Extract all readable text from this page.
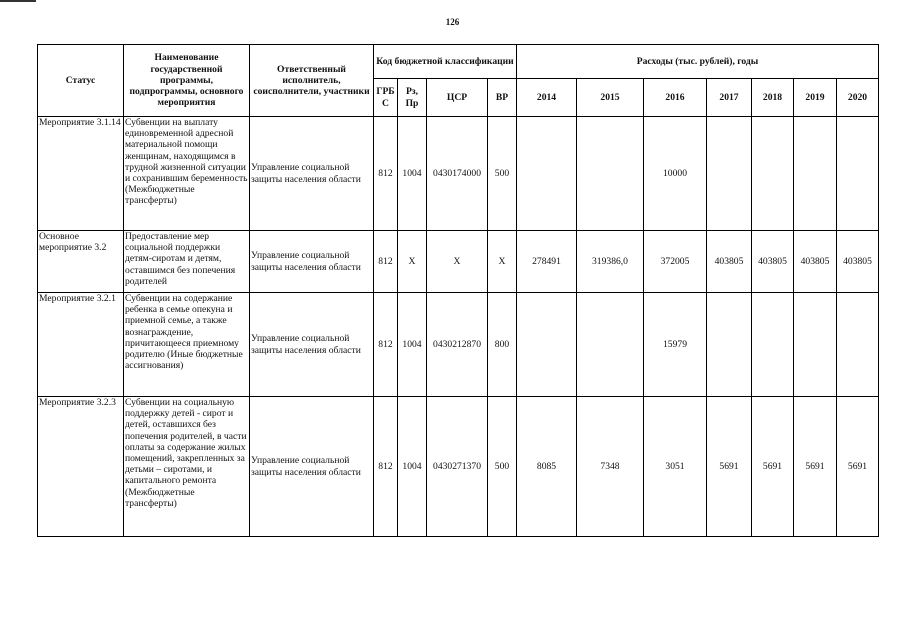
126
Статус	Наименование государственной программы, подпрограммы, основного мероприятия	Ответственный исполнитель, соисполнители, участники	Код бюджетной классификации				Расходы (тыс. рублей), годы						
			ГРБ С	Рз, Пр	ЦСР	ВР	2014	2015	2016	2017	2018	2019	2020
Мероприятие 3.1.14	Субвенции на выплату единовременной адресной материальной помощи женщинам, находящимся в трудной жизненной ситуации и сохранившим беременность (Межбюджетные трансферты)	Управление социальной защиты населения области	812	1004	0430174000	500			10000				
Основное мероприятие 3.2	Предоставление мер социальной поддержки детям-сиротам и детям, оставшимся без попечения родителей	Управление социальной защиты населения области	812	X	X	X	278491	319386,0	372005	403805	403805	403805	403805
Мероприятие 3.2.1	Субвенции на содержание ребенка в семье опекуна и приемной семье, а также вознаграждение, причитающееся приемному родителю (Иные бюджетные ассигнования)	Управление социальной защиты населения области	812	1004	0430212870	800			15979				
Мероприятие 3.2.3	Субвенции на социальную поддержку детей - сирот и детей, оставшихся без попечения родителей, в части оплаты за содержание жилых помещений, закрепленных за детьми – сиротами, и капитального ремонта (Межбюджетные трансферты)	Управление социальной защиты населения области	812	1004	0430271370	500	8085	7348	3051	5691	5691	5691	5691
